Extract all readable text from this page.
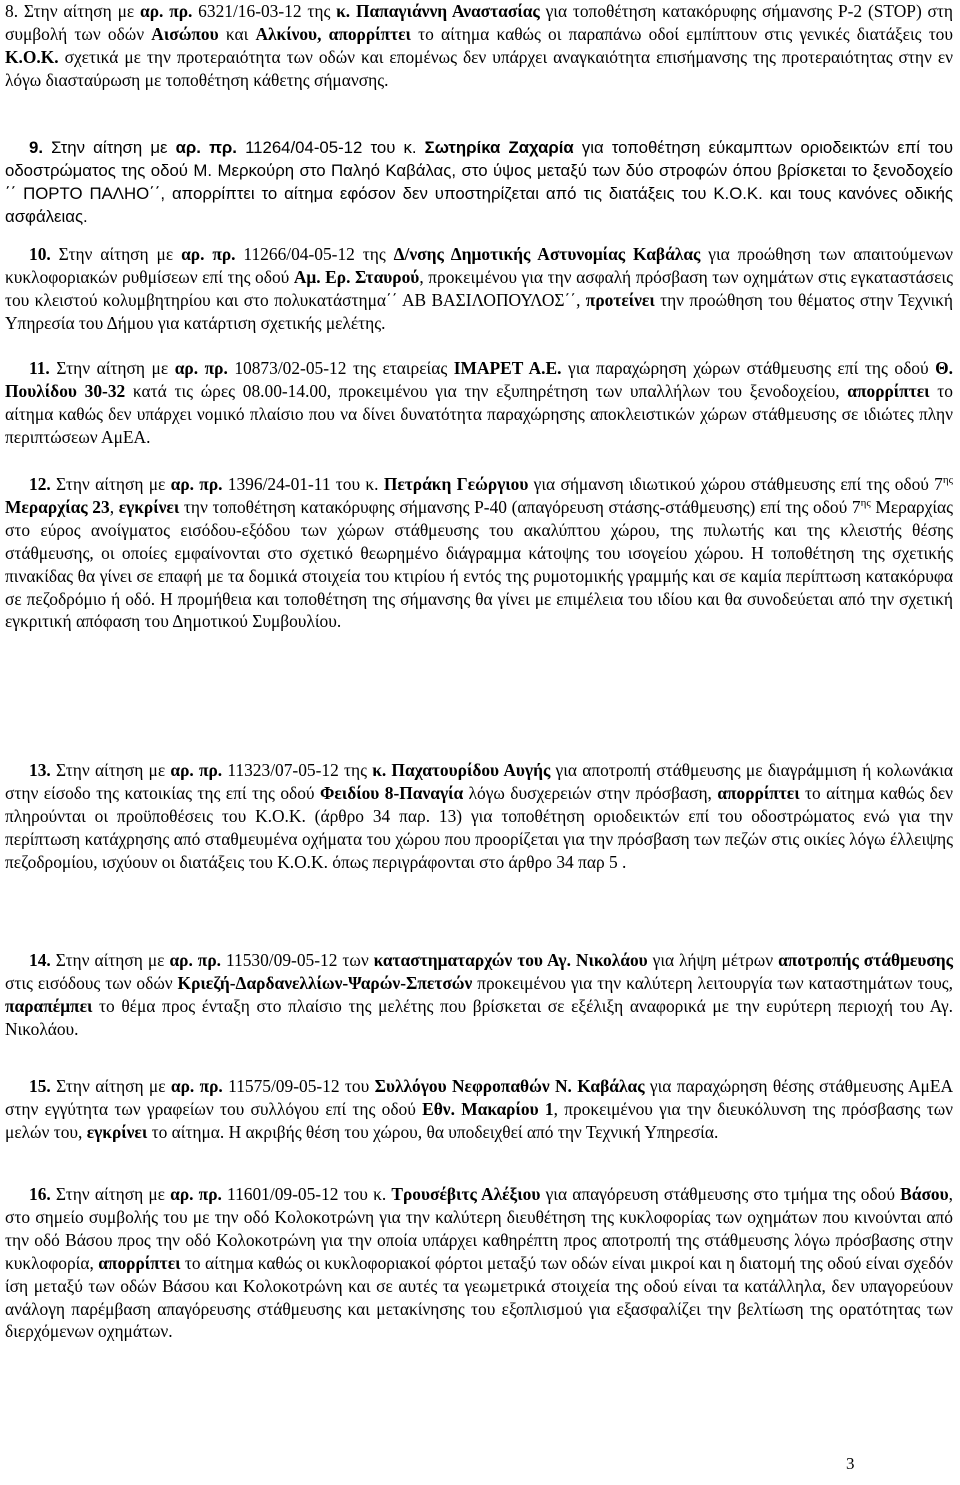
8. Στην αίτηση με αρ. πρ. 6321/16-03-12 της κ. Παπαγιάννη Αναστασίας για τοποθέτηση κατακόρυφης σήμανσης Ρ-2 (STOP) στη συμβολή των οδών Αισώπου και Αλκίνου, απορρίπτει το αίτημα καθώς οι παραπάνω οδοί εμπίπτουν στις γενικές διατάξεις του Κ.Ο.Κ. σχετικά με την προτεραιότητα των οδών και επομένως δεν υπάρχει αναγκαιότητα επισήμανσης της προτεραιότητας στην εν λόγω διασταύρωση με τοποθέτηση κάθετης σήμανσης.

9. Στην αίτηση με αρ. πρ. 11264/04-05-12 του κ. Σωτηρίκα Ζαχαρία για τοποθέτηση εύκαμπτων οριοδεικτών επί του οδοστρώματος της οδού Μ. Μερκούρη στο Παληό Καβάλας, στο ύψος μεταξύ των δύο στροφών όπου βρίσκεται το ξενοδοχείο ΄΄ ΠΟΡΤΟ ΠΑΛΗΟ΄΄, απορρίπτει το αίτημα εφόσον δεν υποστηρίζεται από τις διατάξεις του Κ.Ο.Κ. και τους κανόνες οδικής ασφάλειας.

10. Στην αίτηση με αρ. πρ. 11266/04-05-12 της Δ/νσης Δημοτικής Αστυνομίας Καβάλας για προώθηση των απαιτούμενων κυκλοφοριακών ρυθμίσεων επί της οδού Αμ. Ερ. Σταυρού, προκειμένου για την ασφαλή πρόσβαση των οχημάτων στις εγκαταστάσεις του κλειστού κολυμβητηρίου και στο πολυκατάστημα΄΄ ΑΒ ΒΑΣΙΛΟΠΟΥΛΟΣ΄΄, προτείνει την προώθηση του θέματος στην Τεχνική Υπηρεσία του Δήμου για κατάρτιση σχετικής μελέτης.

11. Στην αίτηση με αρ. πρ. 10873/02-05-12 της εταιρείας ΙΜΑΡΕΤ Α.Ε. για παραχώρηση χώρων στάθμευσης επί της οδού Θ. Πουλίδου 30-32 κατά τις ώρες 08.00-14.00, προκειμένου για την εξυπηρέτηση των υπαλλήλων του ξενοδοχείου, απορρίπτει το αίτημα καθώς δεν υπάρχει νομικό πλαίσιο που να δίνει δυνατότητα παραχώρησης αποκλειστικών χώρων στάθμευσης σε ιδιώτες πλην περιπτώσεων ΑμΕΑ.

12. Στην αίτηση με αρ. πρ. 1396/24-01-11 του κ. Πετράκη Γεώργιου για σήμανση ιδιωτικού χώρου στάθμευσης επί της οδού $7^{\eta\varsigma}$ Μεραρχίας 23, εγκρίνει την τοποθέτηση κατακόρυφης σήμανσης Ρ-40 (απαγόρευση στάσης-στάθμευσης) επί της οδού $7^{\eta\varsigma}$ Μεραρχίας στο εύρος ανοίγματος εισόδου-εξόδου των χώρων στάθμευσης του ακαλύπτου χώρου, της πυλωτής και της κλειστής θέσης στάθμευσης, οι οποίες εμφαίνονται στο σχετικό θεωρημένο διάγραμμα κάτοψης του ισογείου χώρου. Η τοποθέτηση της σχετικής πινακίδας θα γίνει σε επαφή με τα δομικά στοιχεία του κτιρίου ή εντός της ρυμοτομικής γραμμής και σε καμία περίπτωση κατακόρυφα σε πεζοδρόμιο ή οδό. Η προμήθεια και τοποθέτηση της σήμανσης θα γίνει με επιμέλεια του ιδίου και θα συνοδεύεται από την σχετική εγκριτική απόφαση του Δημοτικού Συμβουλίου.

13. Στην αίτηση με αρ. πρ. 11323/07-05-12 της κ. Παχατουρίδου Αυγής για αποτροπή στάθμευσης με διαγράμμιση ή κολωνάκια στην είσοδο της κατοικίας της επί της οδού Φειδίου 8-Παναγία λόγω δυσχερειών στην πρόσβαση, απορρίπτει το αίτημα καθώς δεν πληρούνται οι προϋποθέσεις του Κ.Ο.Κ. (άρθρο 34 παρ. 13) για τοποθέτηση οριοδεικτών επί του οδοστρώματος ενώ για την περίπτωση κατάχρησης από σταθμευμένα οχήματα του χώρου που προορίζεται για την πρόσβαση των πεζών στις οικίες λόγω έλλειψης πεζοδρομίου, ισχύουν οι διατάξεις του Κ.Ο.Κ. όπως περιγράφονται στο άρθρο 34 παρ 5 .

14. Στην αίτηση με αρ. πρ. 11530/09-05-12 των καταστηματαρχών του Αγ. Νικολάου για λήψη μέτρων αποτροπής στάθμευσης στις εισόδους των οδών Κριεζή-Δαρδανελλίων-Ψαρών-Σπετσών προκειμένου για την καλύτερη λειτουργία των καταστημάτων τους, παραπέμπει το θέμα προς ένταξη στο πλαίσιο της μελέτης που βρίσκεται σε εξέλιξη αναφορικά με την ευρύτερη περιοχή του Αγ. Νικολάου.

15. Στην αίτηση με αρ. πρ. 11575/09-05-12 του Συλλόγου Νεφροπαθών Ν. Καβάλας για παραχώρηση θέσης στάθμευσης ΑμΕΑ στην εγγύτητα των γραφείων του συλλόγου επί της οδού Εθν. Μακαρίου 1, προκειμένου για την διευκόλυνση της πρόσβασης των μελών του, εγκρίνει το αίτημα. Η ακριβής θέση του χώρου, θα υποδειχθεί από την Τεχνική Υπηρεσία.

16. Στην αίτηση με αρ. πρ. 11601/09-05-12 του κ. Τρουσέβιτς Αλέξιου για απαγόρευση στάθμευσης στο τμήμα της οδού Βάσου, στο σημείο συμβολής του με την οδό Κολοκοτρώνη για την καλύτερη διευθέτηση της κυκλοφορίας των οχημάτων που κινούνται από την οδό Βάσου προς την οδό Κολοκοτρώνη για την οποία υπάρχει καθηρέπτη προς αποτροπή της στάθμευσης λόγω πρόσβασης στην κυκλοφορία, απορρίπτει το αίτημα καθώς οι κυκλοφοριακοί φόρτοι μεταξύ των οδών είναι μικροί και η διατομή της οδού είναι σχεδόν ίση μεταξύ των οδών Βάσου και Κολοκοτρώνη και σε αυτές τα γεωμετρικά στοιχεία της οδού είναι τα κατάλληλα, δεν υπαγορεύουν ανάλογη παρέμβαση απαγόρευσης στάθμευσης και μετακίνησης του εξοπλισμού για εξασφαλίζει την βελτίωση της ορατότητας των διερχόμενων οχημάτων.

3
